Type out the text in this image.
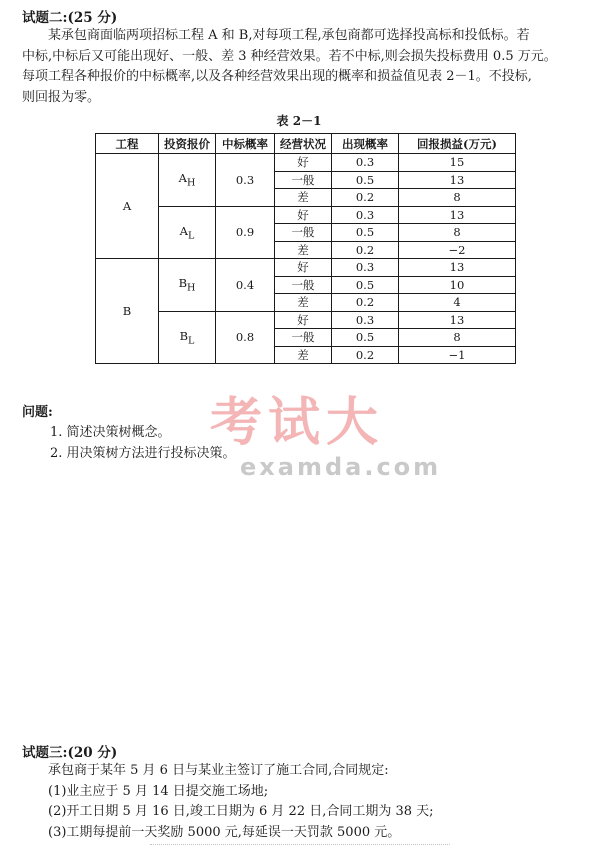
试题二:(25 分)
某承包商面临两项招标工程 A 和 B,对每项工程,承包商都可选择投高标和投低标。若
中标,中标后又可能出现好、一般、差 3 种经营效果。若不中标,则会损失投标费用 0.5 万元。
每项工程各种报价的中标概率,以及各种经营效果出现的概率和损益值见表 2－1。不投标,
则回报为零。
表 2－1
工程	投资报价	中标概率	经营状况	出现概率	回报损益(万元)
A	$A_H$	0.3	好	0.3	15
			一般	0.5	13
			差	0.2	8
	$A_L$	0.9	好	0.3	13
			一般	0.5	8
			差	0.2	−2
B	$B_H$	0.4	好	0.3	13
			一般	0.5	10
			差	0.2	4
	$B_L$	0.8	好	0.3	13
			一般	0.5	8
			差	0.2	−1
问题:
1. 简述决策树概念。
2. 用决策树方法进行投标决策。
考试大
examda.com
试题三:(20 分)
承包商于某年 5 月 6 日与某业主签订了施工合同,合同规定:
(1)业主应于 5 月 14 日提交施工场地;
(2)开工日期 5 月 16 日,竣工日期为 6 月 22 日,合同工期为 38 天;
(3)工期每提前一天奖励 5000 元,每延误一天罚款 5000 元。
